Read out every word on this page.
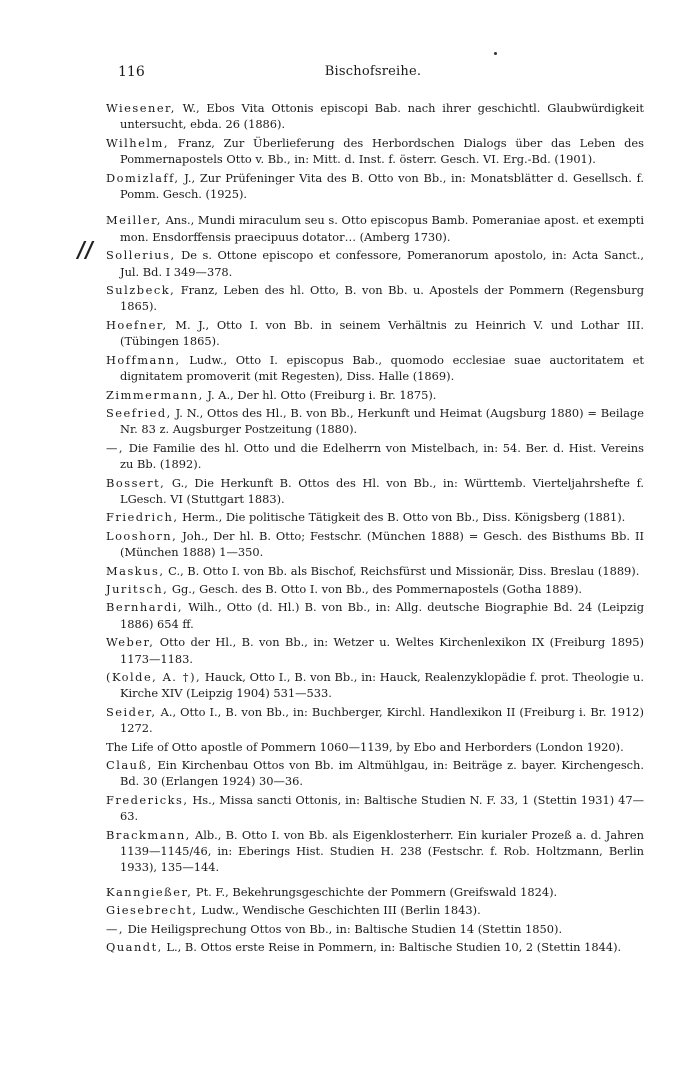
116	Bischofsreihe.
//
Wiesener, W., Ebos Vita Ottonis episcopi Bab. nach ihrer geschichtl. Glaubwürdigkeit untersucht, ebda. 26 (1886).
Wilhelm, Franz, Zur Überlieferung des Herbordschen Dialogs über das Leben des Pommernapostels Otto v. Bb., in: Mitt. d. Inst. f. österr. Gesch. VI. Erg.-Bd. (1901).
Domizlaff, J., Zur Prüfeninger Vita des B. Otto von Bb., in: Monatsblätter d. Gesellsch. f. Pomm. Gesch. (1925).
Meiller, Ans., Mundi miraculum seu s. Otto episcopus Bamb. Pomeraniae apost. et exempti mon. Ensdorffensis praecipuus dotator… (Amberg 1730).
Sollerius, De s. Ottone episcopo et confessore, Pomeranorum apostolo, in: Acta Sanct., Jul. Bd. I 349—378.
Sulzbeck, Franz, Leben des hl. Otto, B. von Bb. u. Apostels der Pommern (Regensburg 1865).
Hoefner, M. J., Otto I. von Bb. in seinem Verhältnis zu Heinrich V. und Lothar III. (Tübingen 1865).
Hoffmann, Ludw., Otto I. episcopus Bab., quomodo ecclesiae suae auctoritatem et dignitatem promoverit (mit Regesten), Diss. Halle (1869).
Zimmermann, J. A., Der hl. Otto (Freiburg i. Br. 1875).
Seefried, J. N., Ottos des Hl., B. von Bb., Herkunft und Heimat (Augsburg 1880) = Beilage Nr. 83 z. Augsburger Postzeitung (1880).
—, Die Familie des hl. Otto und die Edelherrn von Mistelbach, in: 54. Ber. d. Hist. Vereins zu Bb. (1892).
Bossert, G., Die Herkunft B. Ottos des Hl. von Bb., in: Württemb. Vierteljahrshefte f. LGesch. VI (Stuttgart 1883).
Friedrich, Herm., Die politische Tätigkeit des B. Otto von Bb., Diss. Königsberg (1881).
Looshorn, Joh., Der hl. B. Otto; Festschr. (München 1888) = Gesch. des Bisthums Bb. II (München 1888) 1—350.
Maskus, C., B. Otto I. von Bb. als Bischof, Reichsfürst und Missionär, Diss. Breslau (1889).
Juritsch, Gg., Gesch. des B. Otto I. von Bb., des Pommernapostels (Gotha 1889).
Bernhardi, Wilh., Otto (d. Hl.) B. von Bb., in: Allg. deutsche Biographie Bd. 24 (Leipzig 1886) 654 ff.
Weber, Otto der Hl., B. von Bb., in: Wetzer u. Weltes Kirchenlexikon IX (Freiburg 1895) 1173—1183.
(Kolde, A. †), Hauck, Otto I., B. von Bb., in: Hauck, Realenzyklopädie f. prot. Theologie u. Kirche XIV (Leipzig 1904) 531—533.
Seider, A., Otto I., B. von Bb., in: Buchberger, Kirchl. Handlexikon II (Freiburg i. Br. 1912) 1272.
The Life of Otto apostle of Pommern 1060—1139, by Ebo and Herborders (London 1920).
Clauß, Ein Kirchenbau Ottos von Bb. im Altmühlgau, in: Beiträge z. bayer. Kirchengesch. Bd. 30 (Erlangen 1924) 30—36.
Fredericks, Hs., Missa sancti Ottonis, in: Baltische Studien N. F. 33, 1 (Stettin 1931) 47—63.
Brackmann, Alb., B. Otto I. von Bb. als Eigenklosterherr. Ein kurialer Prozeß a. d. Jahren 1139—1145/46, in: Eberings Hist. Studien H. 238 (Festschr. f. Rob. Holtzmann, Berlin 1933), 135—144.
Kanngießer, Pt. F., Bekehrungsgeschichte der Pommern (Greifswald 1824).
Giesebrecht, Ludw., Wendische Geschichten III (Berlin 1843).
—, Die Heiligsprechung Ottos von Bb., in: Baltische Studien 14 (Stettin 1850).
Quandt, L., B. Ottos erste Reise in Pommern, in: Baltische Studien 10, 2 (Stettin 1844).
